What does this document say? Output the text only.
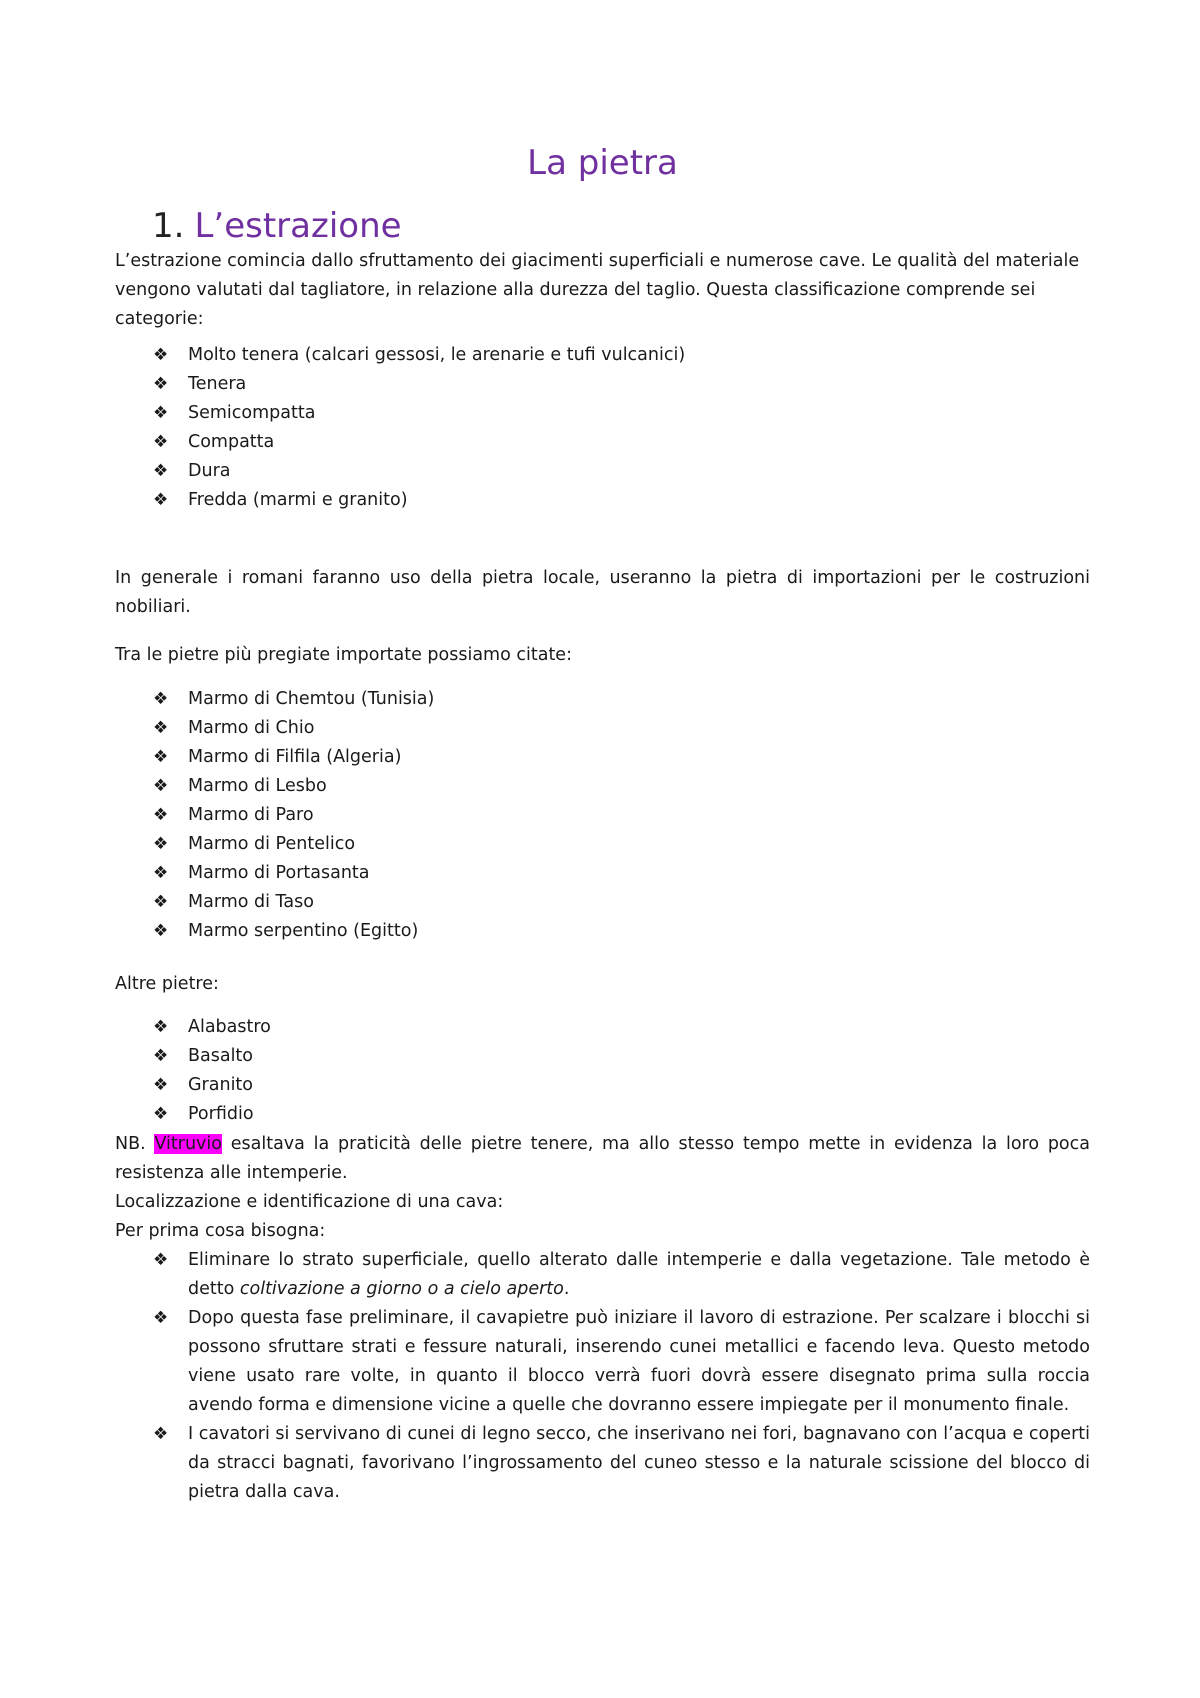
La pietra
1. L’estrazione

L’estrazione comincia dallo sfruttamento dei giacimenti superficiali e numerose cave. Le qualità del materiale vengono valutati dal tagliatore, in relazione alla durezza del taglio. Questa classificazione comprende sei categorie:

❖ Molto tenera (calcari gessosi, le arenarie e tufi vulcanici)
❖ Tenera
❖ Semicompatta
❖ Compatta
❖ Dura
❖ Fredda (marmi e granito)

In generale i romani faranno uso della pietra locale, useranno la pietra di importazioni per le costruzioni nobiliari.

Tra le pietre più pregiate importate possiamo citate:

❖ Marmo di Chemtou (Tunisia)
❖ Marmo di Chio
❖ Marmo di Filfila (Algeria)
❖ Marmo di Lesbo
❖ Marmo di Paro
❖ Marmo di Pentelico
❖ Marmo di Portasanta
❖ Marmo di Taso
❖ Marmo serpentino (Egitto)

Altre pietre:

❖ Alabastro
❖ Basalto
❖ Granito
❖ Porfidio

NB. Vitruvio esaltava la praticità delle pietre tenere, ma allo stesso tempo mette in evidenza la loro poca resistenza alle intemperie.

Localizzazione e identificazione di una cava:

Per prima cosa bisogna:

❖ Eliminare lo strato superficiale, quello alterato dalle intemperie e dalla vegetazione. Tale metodo è detto coltivazione a giorno o a cielo aperto.
❖ Dopo questa fase preliminare, il cavapietre può iniziare il lavoro di estrazione. Per scalzare i blocchi si possono sfruttare strati e fessure naturali, inserendo cunei metallici e facendo leva. Questo metodo viene usato rare volte, in quanto il blocco verrà fuori dovrà essere disegnato prima sulla roccia avendo forma e dimensione vicine a quelle che dovranno essere impiegate per il monumento finale.
❖ I cavatori si servivano di cunei di legno secco, che inserivano nei fori, bagnavano con l’acqua e coperti da stracci bagnati, favorivano l’ingrossamento del cuneo stesso e la naturale scissione del blocco di pietra dalla cava.
